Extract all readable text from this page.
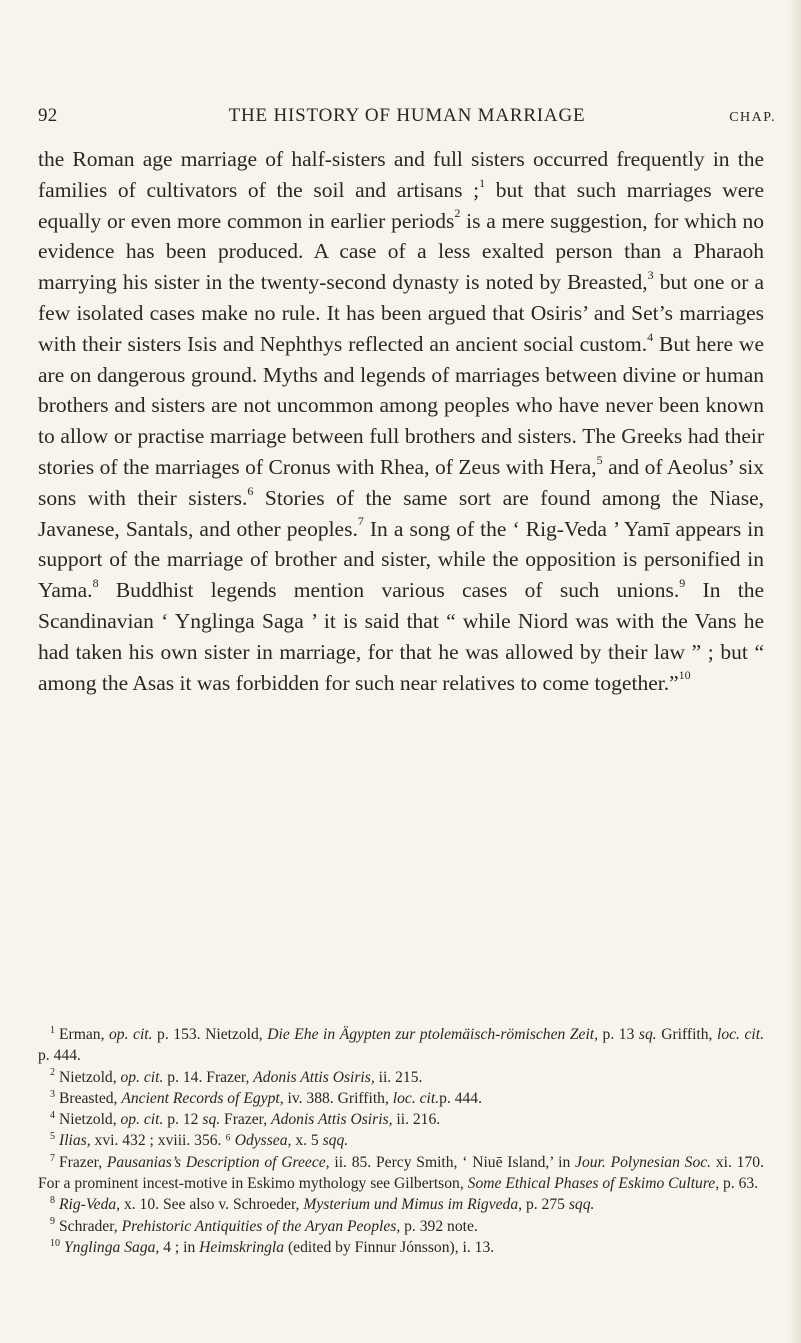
92	THE HISTORY OF HUMAN MARRIAGE	CHAP.

the Roman age marriage of half-sisters and full sisters occurred frequently in the families of cultivators of the soil and artisans ;$^1$ but that such marriages were equally or even more common in earlier periods$^2$ is a mere suggestion, for which no evidence has been produced. A case of a less exalted person than a Pharaoh marrying his sister in the twenty-second dynasty is noted by Breasted,$^3$ but one or a few isolated cases make no rule. It has been argued that Osiris’ and Set’s marriages with their sisters Isis and Nephthys reflected an ancient social custom.$^4$ But here we are on dangerous ground. Myths and legends of marriages between divine or human brothers and sisters are not uncommon among peoples who have never been known to allow or practise marriage between full brothers and sisters. The Greeks had their stories of the marriages of Cronus with Rhea, of Zeus with Hera,$^5$ and of Aeolus’ six sons with their sisters.$^6$ Stories of the same sort are found among the Niase, Javanese, Santals, and other peoples.$^7$ In a song of the ‘ Rig-Veda ’ Yamī appears in support of the marriage of brother and sister, while the opposition is personified in Yama.$^8$ Buddhist legends mention various cases of such unions.$^9$ In the Scandinavian ‘ Ynglinga Saga ’ it is said that “ while Niord was with the Vans he had taken his own sister in marriage, for that he was allowed by their law ” ; but “ among the Asas it was forbidden for such near relatives to come together.”$^{10}$

$^1$ Erman, op. cit. p. 153. Nietzold, Die Ehe in Ägypten zur ptolemäisch-römischen Zeit, p. 13 sq. Griffith, loc. cit. p. 444.

$^2$ Nietzold, op. cit. p. 14. Frazer, Adonis Attis Osiris, ii. 215.

$^3$ Breasted, Ancient Records of Egypt, iv. 388. Griffith, loc. cit.p. 444.

$^4$ Nietzold, op. cit. p. 12 sq. Frazer, Adonis Attis Osiris, ii. 216.

$^5$ Ilias, xvi. 432 ; xviii. 356. ⁶ Odyssea, x. 5 sqq.

$^7$ Frazer, Pausanias’s Description of Greece, ii. 85. Percy Smith, ‘ Niuē Island,’ in Jour. Polynesian Soc. xi. 170. For a prominent incest-motive in Eskimo mythology see Gilbertson, Some Ethical Phases of Eskimo Culture, p. 63.

$^8$ Rig-Veda, x. 10. See also v. Schroeder, Mysterium und Mimus im Rigveda, p. 275 sqq.

$^9$ Schrader, Prehistoric Antiquities of the Aryan Peoples, p. 392 note.

$^{10}$ Ynglinga Saga, 4 ; in Heimskringla (edited by Finnur Jónsson), i. 13.
